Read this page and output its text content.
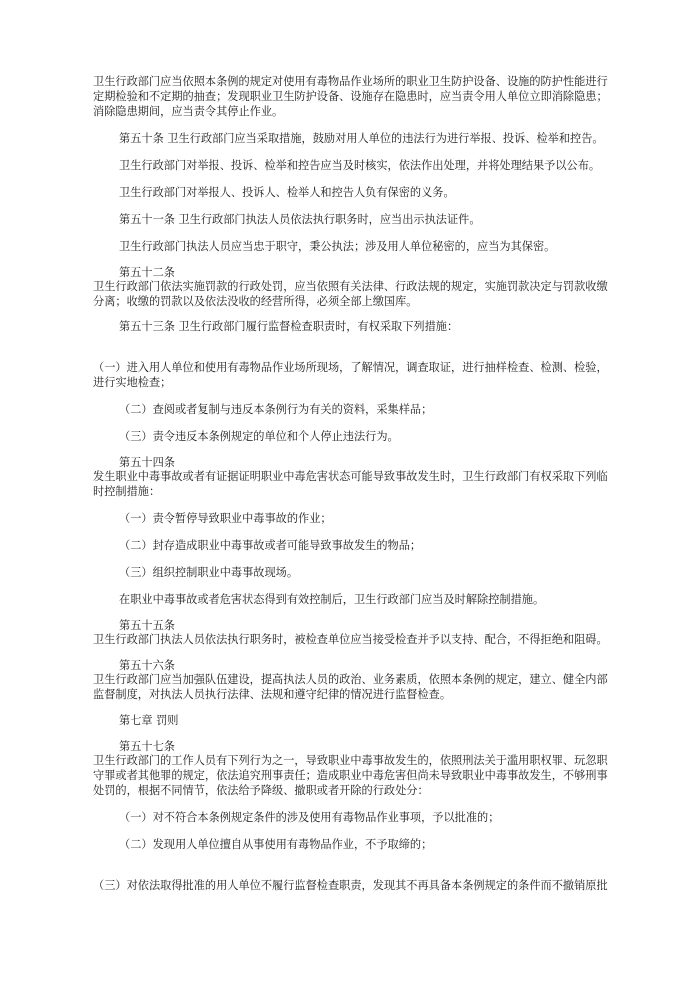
卫生行政部门应当依照本条例的规定对使用有毒物品作业场所的职业卫生防护设备、设施的防护性能进行

定期检验和不定期的抽查；发现职业卫生防护设备、设施存在隐患时，应当责令用人单位立即消除隐患；

消除隐患期间，应当责令其停止作业。

第五十条 卫生行政部门应当采取措施，鼓励对用人单位的违法行为进行举报、投诉、检举和控告。

卫生行政部门对举报、投诉、检举和控告应当及时核实，依法作出处理，并将处理结果予以公布。

卫生行政部门对举报人、投诉人、检举人和控告人负有保密的义务。

第五十一条 卫生行政部门执法人员依法执行职务时，应当出示执法证件。

卫生行政部门执法人员应当忠于职守，秉公执法；涉及用人单位秘密的，应当为其保密。

第五十二条

卫生行政部门依法实施罚款的行政处罚，应当依照有关法律、行政法规的规定，实施罚款决定与罚款收缴

分离；收缴的罚款以及依法没收的经营所得，必须全部上缴国库。

第五十三条 卫生行政部门履行监督检查职责时，有权采取下列措施：

（一）进入用人单位和使用有毒物品作业场所现场，了解情况，调查取证，进行抽样检查、检测、检验，

进行实地检查；

（二）查阅或者复制与违反本条例行为有关的资料，采集样品；

（三）责令违反本条例规定的单位和个人停止违法行为。

第五十四条

发生职业中毒事故或者有证据证明职业中毒危害状态可能导致事故发生时，卫生行政部门有权采取下列临

时控制措施：

（一）责令暂停导致职业中毒事故的作业；

（二）封存造成职业中毒事故或者可能导致事故发生的物品；

（三）组织控制职业中毒事故现场。

在职业中毒事故或者危害状态得到有效控制后，卫生行政部门应当及时解除控制措施。

第五十五条

卫生行政部门执法人员依法执行职务时，被检查单位应当接受检查并予以支持、配合，不得拒绝和阻碍。

第五十六条

卫生行政部门应当加强队伍建设，提高执法人员的政治、业务素质，依照本条例的规定，建立、健全内部

监督制度，对执法人员执行法律、法规和遵守纪律的情况进行监督检查。

第七章 罚则

第五十七条

卫生行政部门的工作人员有下列行为之一，导致职业中毒事故发生的，依照刑法关于滥用职权罪、玩忽职

守罪或者其他罪的规定，依法追究刑事责任；造成职业中毒危害但尚未导致职业中毒事故发生，不够刑事

处罚的，根据不同情节，依法给予降级、撤职或者开除的行政处分：

（一）对不符合本条例规定条件的涉及使用有毒物品作业事项，予以批准的；

（二）发现用人单位擅自从事使用有毒物品作业，不予取缔的；

（三）对依法取得批准的用人单位不履行监督检查职责，发现其不再具备本条例规定的条件而不撤销原批
